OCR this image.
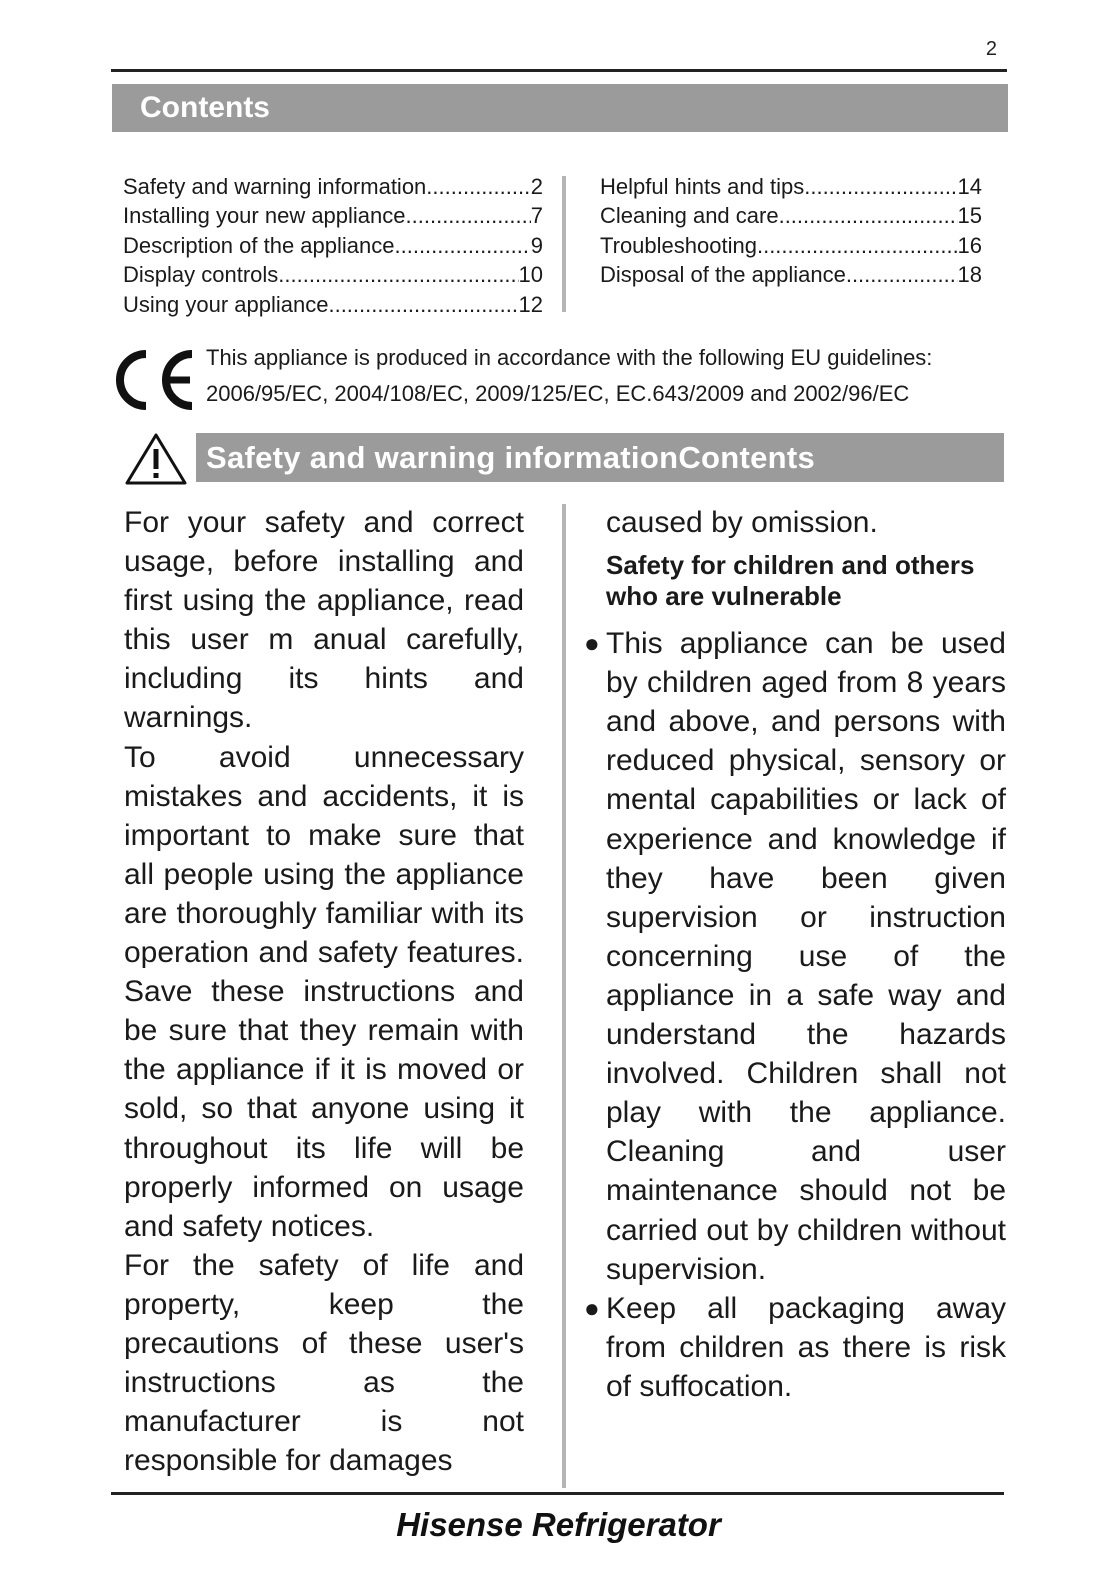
2
Contents
Safety and warning information .....	2
Installing your new appliance .....	7
Description of the appliance .....	9
Display controls .....	10
Using your appliance .....	12
Helpful hints and tips .....	14
Cleaning and care .....	15
Troubleshooting .....	16
Disposal of the appliance .....	18
This appliance is produced in accordance with the following EU guidelines:
2006/95/EC, 2004/108/EC, 2009/125/EC, EC.643/2009 and 2002/96/EC
Safety and warning informationContents

For your safety and correct usage, before installing and first using the appliance, read this user m anual carefully, including its hints and warnings.

To avoid unnecessary mistakes and accidents, it is important to make sure that all people using the appliance are thoroughly familiar with its operation and safety features. Save these instructions and be sure that they remain with the appliance if it is moved or sold, so that anyone using it throughout its life will be properly informed on usage and safety notices.

For the safety of life and property, keep the precautions of these user's instructions as the manufacturer is not responsible for damages

caused by omission.

Safety for children and others who are vulnerable

● This appliance can be used by children aged from 8 years and above, and persons with reduced physical, sensory or mental capabilities or lack of experience and knowledge if they have been given supervision or instruction concerning use of the appliance in a safe way and understand the hazards involved. Children shall not play with the appliance. Cleaning and user maintenance should not be carried out by children without supervision.

● Keep all packaging away from children as there is risk of suffocation.

Hisense Refrigerator
